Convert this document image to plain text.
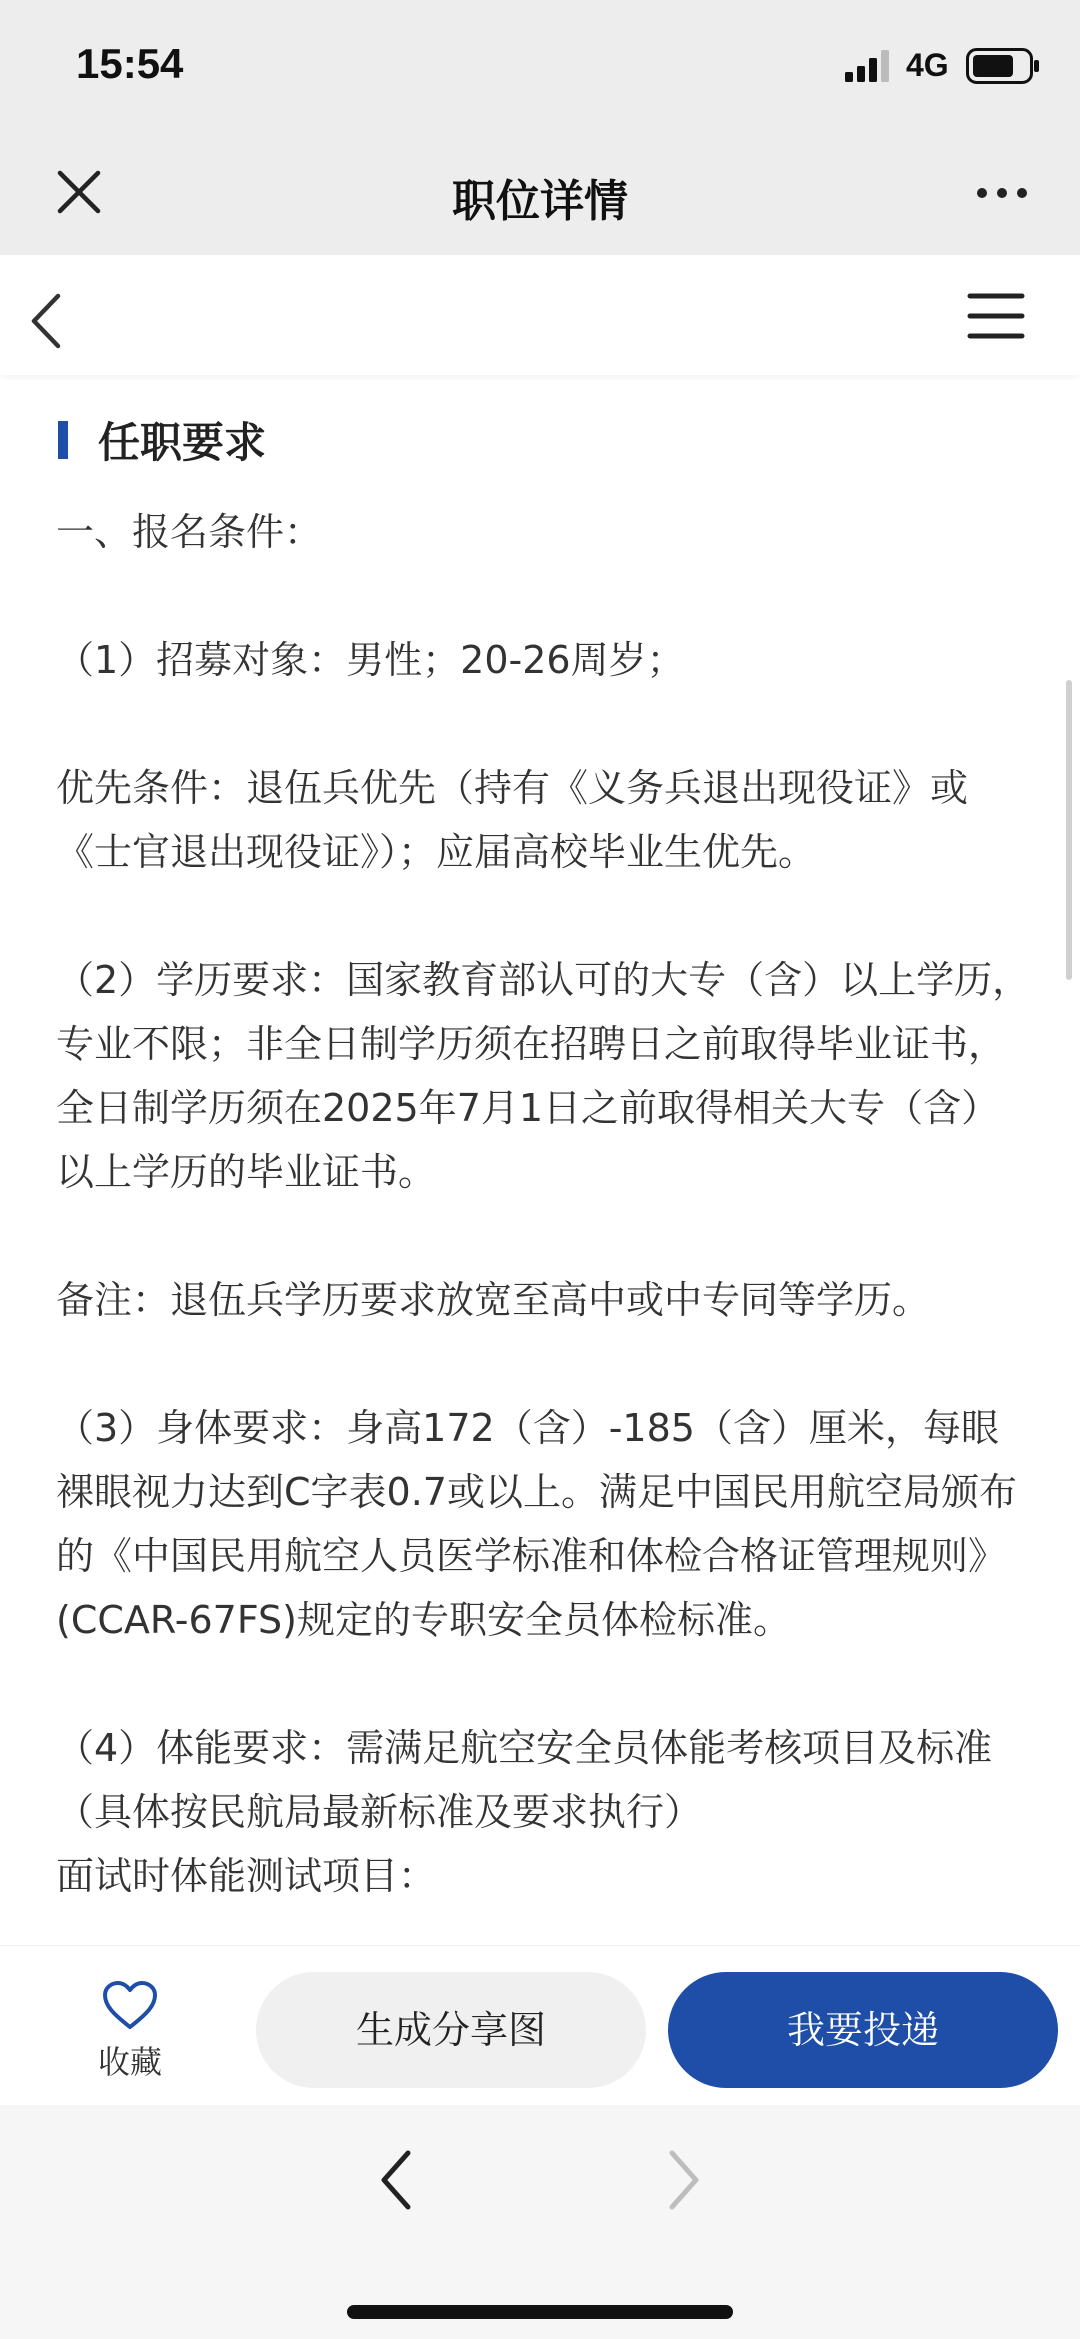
15:54	4G
职位详情
任职要求

一、报名条件：

（1）招募对象：男性；20-26周岁；

优先条件：退伍兵优先（持有《义务兵退出现役证》或《士官退出现役证》）；应届高校毕业生优先。

（2）学历要求：国家教育部认可的大专（含）以上学历，专业不限；非全日制学历须在招聘日之前取得毕业证书，全日制学历须在2025年7月1日之前取得相关大专（含）以上学历的毕业证书。

备注：退伍兵学历要求放宽至高中或中专同等学历。

（3）身体要求：身高172（含）-185（含）厘米，每眼裸眼视力达到C字表0.7或以上。满足中国民用航空局颁布的《中国民用航空人员医学标准和体检合格证管理规则》(CCAR-67FS)规定的专职安全员体检标准。

（4）体能要求：需满足航空安全员体能考核项目及标准（具体按民航局最新标准及要求执行）

面试时体能测试项目：

收藏
生成分享图	我要投递
